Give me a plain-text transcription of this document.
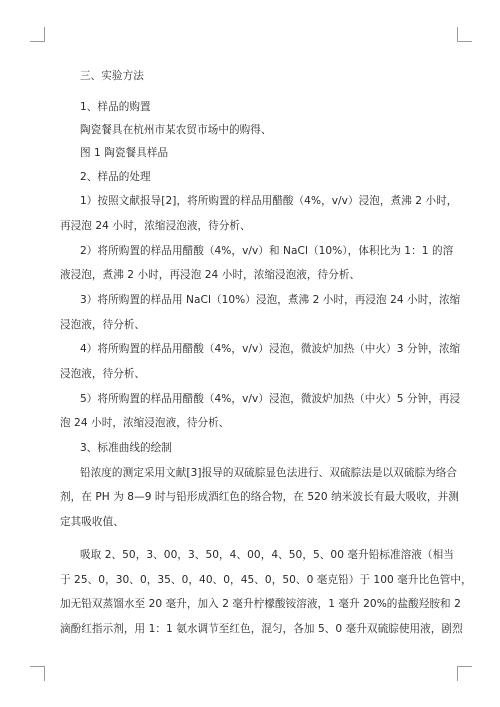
三、实验方法
1、样品的购置
陶瓷餐具在杭州市某农贸市场中的购得、
图 1 陶瓷餐具样品
2、样品的处理
1）按照文献报导[2]，将所购置的样品用醋酸（4%，v/v）浸泡，煮沸 2 小时，
再浸泡 24 小时，浓缩浸泡液，待分析、
2）将所购置的样品用醋酸（4%，v/v）和 NaCl（10%），体积比为 1：1 的溶
液浸泡，煮沸 2 小时，再浸泡 24 小时，浓缩浸泡液，待分析、
3）将所购置的样品用 NaCl（10%）浸泡，煮沸 2 小时，再浸泡 24 小时，浓缩
浸泡液，待分析、
4）将所购置的样品用醋酸（4%，v/v）浸泡，微波炉加热（中火）3 分钟，浓缩
浸泡液，待分析、
5）将所购置的样品用醋酸（4%，v/v）浸泡，微波炉加热（中火）5 分钟，再浸
泡 24 小时，浓缩浸泡液，待分析、
3、标准曲线的绘制
铅浓度的测定采用文献[3]报导的双硫腙显色法进行、双硫腙法是以双硫腙为络合
剂，在 PH 为 8—9 时与铅形成酒红色的络合物，在 520 纳米波长有最大吸收，并测
定其吸收值、
吸取 2、50，3、00，3、50，4、00，4、50，5、00 毫升铅标准溶液（相当
于 25、0，30、0，35、0，40、0，45、0，50、0 毫克铅）于 100 毫升比色管中，
加无铅双蒸馏水至 20 毫升，加入 2 毫升柠檬酸铵溶液，1 毫升 20%的盐酸羟胺和 2
滴酚红指示剂，用 1：1 氨水调节至红色，混匀，各加 5、0 毫升双硫腙使用液，剧烈
